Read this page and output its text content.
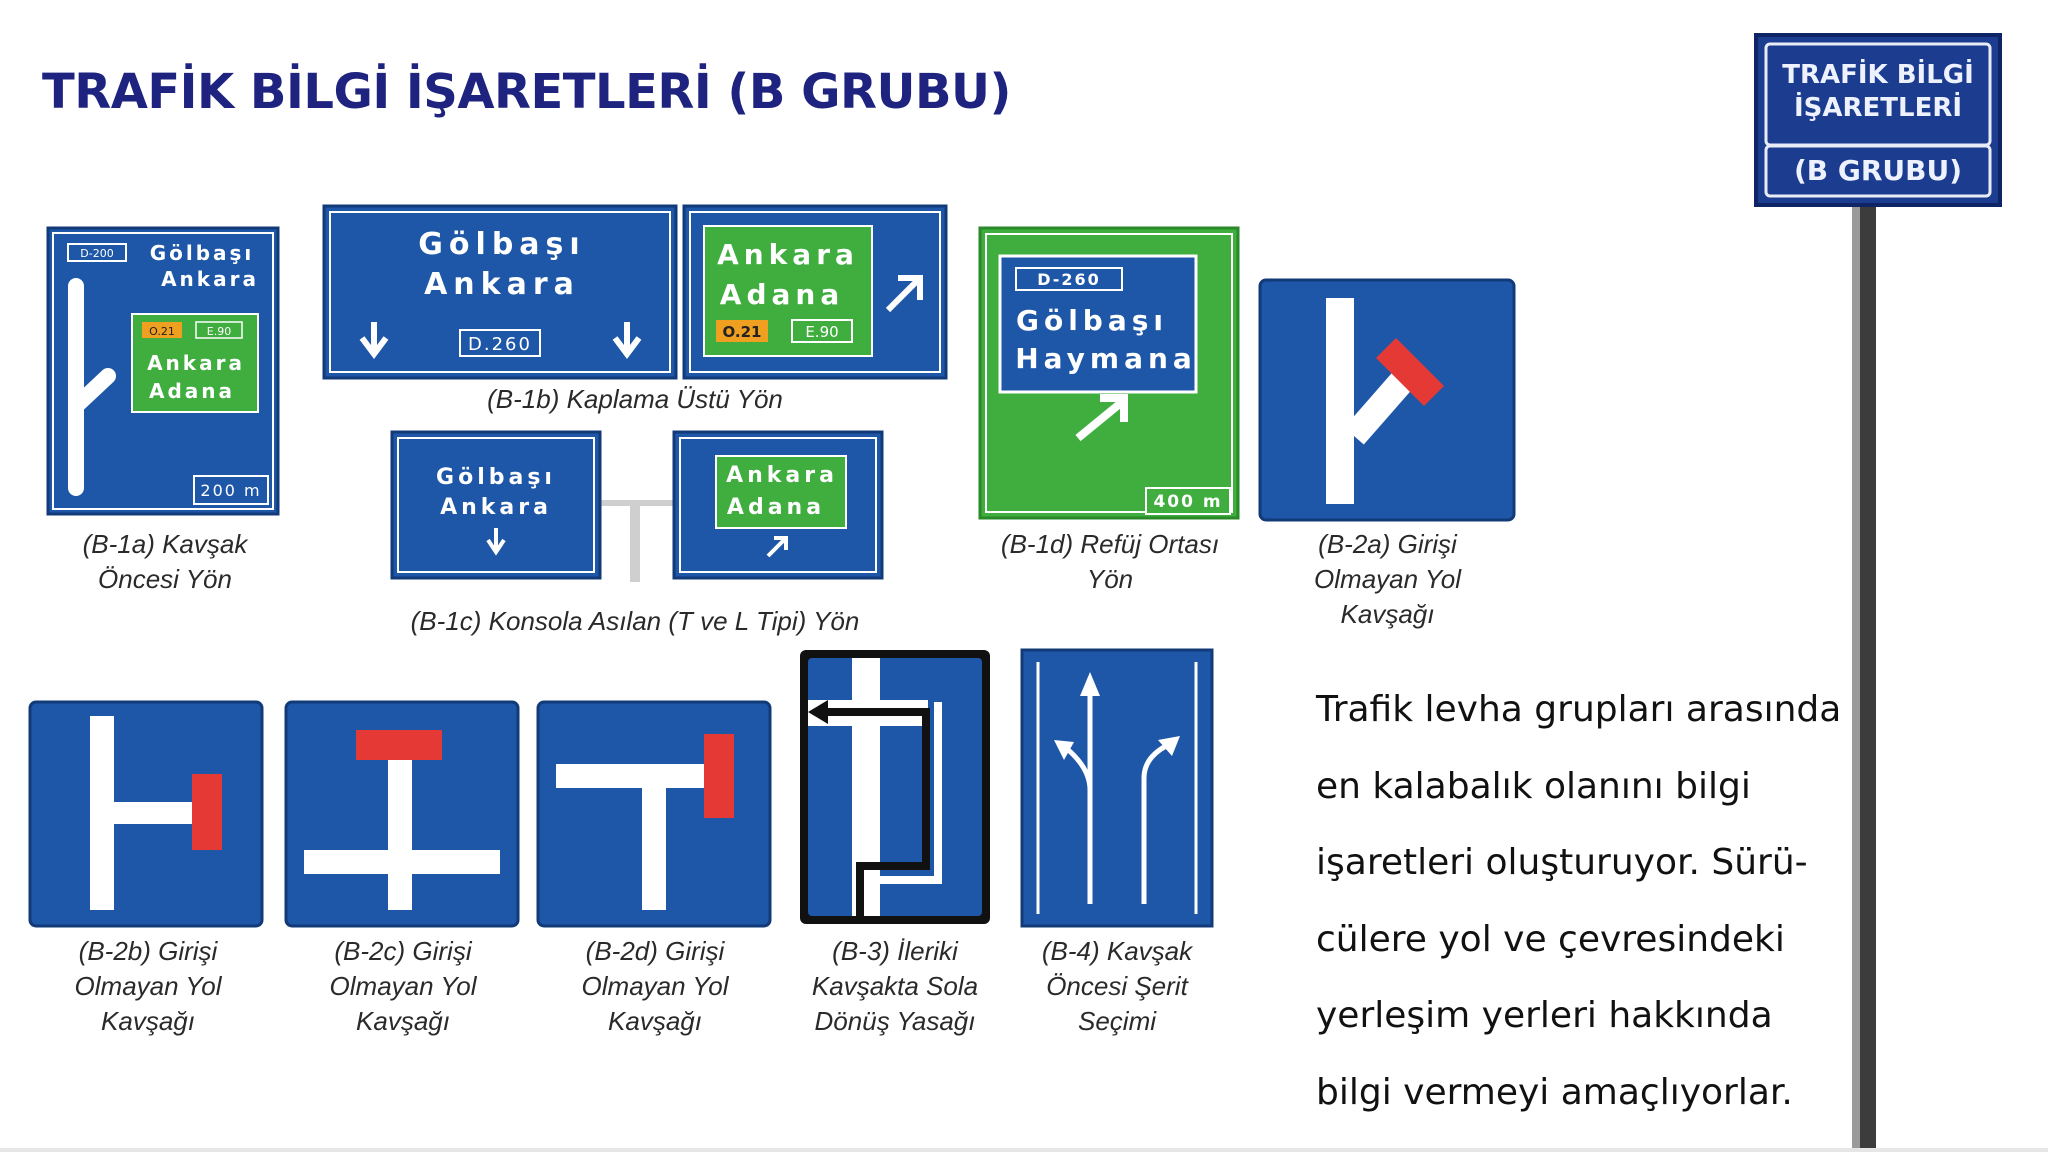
TRAFİK BİLGİ İŞARETLERİ (B GRUBU)	TRAFİK BİLGİ
İŞARETLERİ
(B GRUBU)
D-200 Gölbaşı
Ankara
O.21	E.90
Ankara
Adana
200 m
(B-1a) Kavşak
Öncesi Yön
Gölbaşı
Ankara
D.260
Ankara
Adana
O.21	E.90
(B-1b) Kaplama Üstü Yön
Gölbaşı
Ankara
Ankara
Adana
(B-1c) Konsola Asılan (T ve L Tipi) Yön
D-260
Gölbaşı
Haymana
400 m
(B-1d) Refüj Ortası
Yön
(B-2a) Girişi
Olmayan Yol
Kavşağı
(B-2b) Girişi
Olmayan Yol
Kavşağı
(B-2c) Girişi
Olmayan Yol
Kavşağı
(B-2d) Girişi
Olmayan Yol
Kavşağı
(B-3) İleriki
Kavşakta Sola
Dönüş Yasağı
(B-4) Kavşak
Öncesi Şerit
Seçimi
Trafik levha grupları arasında
en kalabalık olanını bilgi
işaretleri oluşturuyor. Sürü-
cülere yol ve çevresindeki
yerleşim yerleri hakkında
bilgi vermeyi amaçlıyorlar.
